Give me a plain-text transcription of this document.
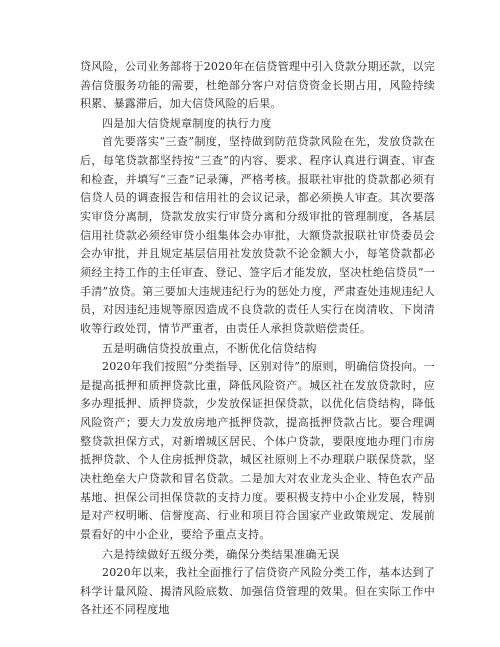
贷风险，公司业务部将于2020年在信贷管理中引入贷款分期还款，以完善信贷服务功能的需要，杜绝部分客户对信贷资金长期占用，风险持续积累、暴露滞后，加大信贷风险的后果。

四是加大信贷规章制度的执行力度

首先要落实“三查”制度，坚持做到防范贷款风险在先，发放贷款在后，每笔贷款都坚持按“三查”的内容、要求、程序认真进行调查、审查和检查，并填写“三查”记录簿，严格考核。报联社审批的贷款都必须有信贷人员的调查报告和信用社的会议记录，都必须换人审查。其次要落实审贷分离制，贷款发放实行审贷分离和分级审批的管理制度，各基层信用社贷款必须经审贷小组集体会办审批，大额贷款报联社审贷委员会会办审批，并且规定基层信用社发放贷款不论金额大小，每笔贷款都必须经主持工作的主任审查、登记、签字后才能发放，坚决杜绝信贷员“一手清”放贷。第三要加大违规违纪行为的惩处力度，严肃查处违规违纪人员，对因违纪违规等原因造成不良贷款的责任人实行在岗清收、下岗清收等行政处罚，情节严重者，由责任人承担贷款赔偿责任。

五是明确信贷投放重点，不断优化信贷结构

2020年我们按照“分类指导、区别对待”的原则，明确信贷投向。一是提高抵押和质押贷款比重，降低风险资产。城区社在发放贷款时，应多办理抵押、质押贷款，少发放保证担保贷款，以优化信贷结构，降低风险资产；要大力发放房地产抵押贷款，提高抵押贷款占比。要合理调整贷款担保方式，对新增城区居民、个体户贷款，要限度地办理门市房抵押贷款、个人住房抵押贷款，城区社原则上不办理联户联保贷款，坚决杜绝垒大户贷款和冒名贷款。二是加大对农业龙头企业、特色农产品基地、担保公司担保贷款的支持力度。要积极支持中小企业发展，特别是对产权明晰、信誉度高、行业和项目符合国家产业政策规定、发展前景看好的中小企业，要给予重点支持。

六是持续做好五级分类，确保分类结果准确无误

2020年以来，我社全面推行了信贷资产风险分类工作，基本达到了科学计量风险、揭清风险底数、加强信贷管理的效果。但在实际工作中各社还不同程度地
